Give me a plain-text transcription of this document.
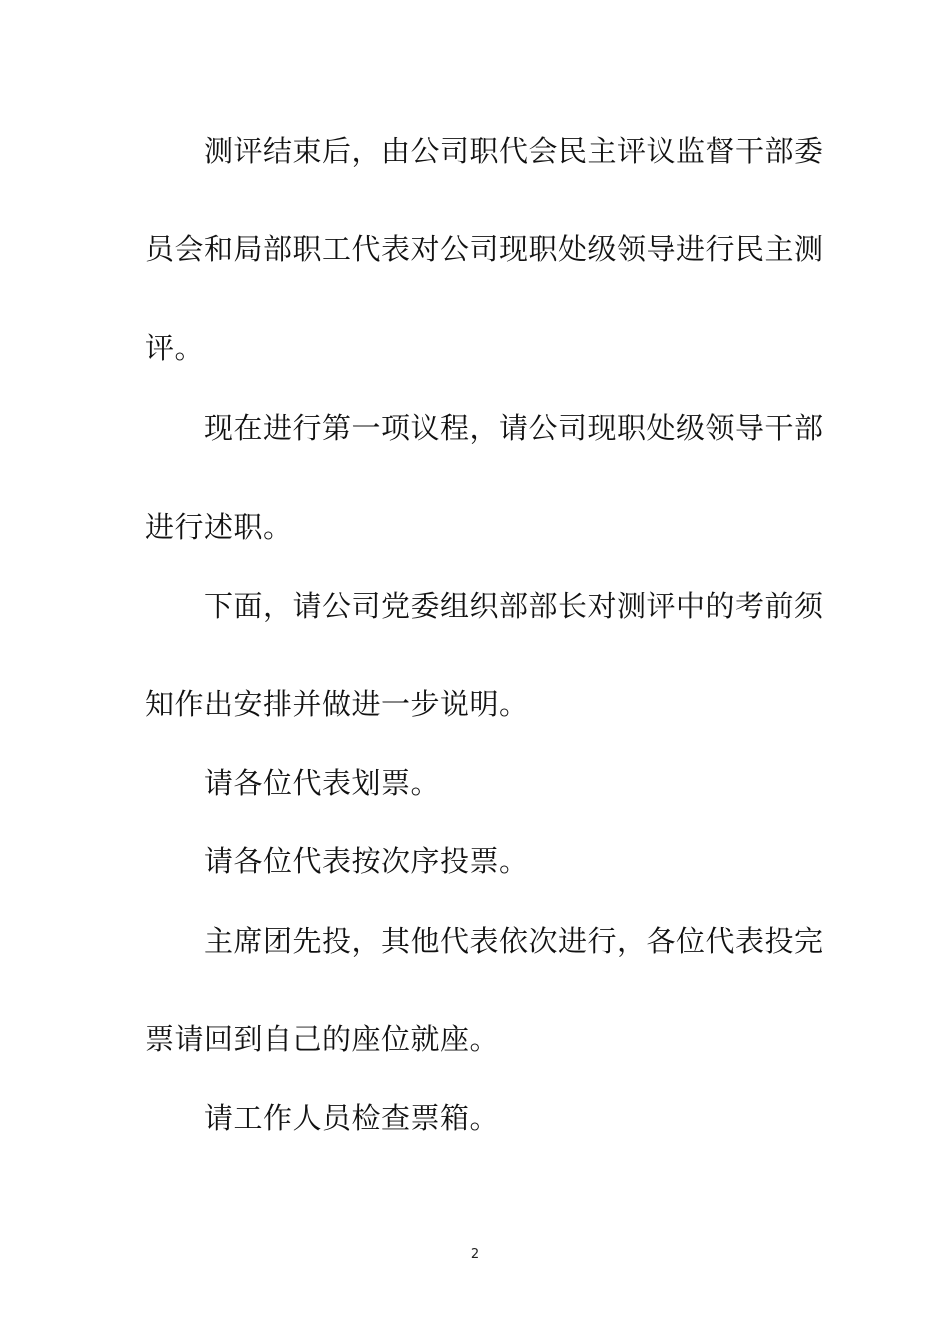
测评结束后，由公司职代会民主评议监督干部委
员会和局部职工代表对公司现职处级领导进行民主测
评。
现在进行第一项议程，请公司现职处级领导干部
进行述职。
下面，请公司党委组织部部长对测评中的考前须
知作出安排并做进一步说明。
请各位代表划票。
请各位代表按次序投票。
主席团先投，其他代表依次进行，各位代表投完
票请回到自己的座位就座。
请工作人员检查票箱。
2
